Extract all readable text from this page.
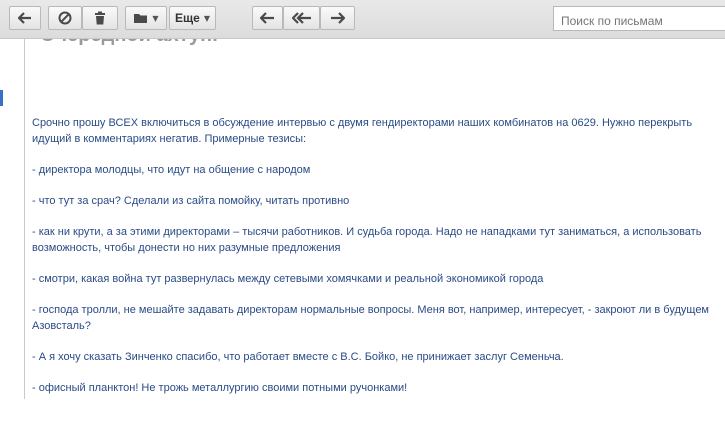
▼ Еще ▼
Поиск по письмам

Срочно прошу ВСЕХ включиться в обсуждение интервью с двумя гендиректорами наших комбинатов на 0629. Нужно перекрыть идущий в комментариях негатив. Примерные тезисы:

- директора молодцы, что идут на общение с народом

- что тут за срач? Сделали из сайта помойку, читать противно

- как ни крути, а за этими директорами – тысячи работников. И судьба города. Надо не нападками тут заниматься, а использовать возможность, чтобы донести но них разумные предложения

- смотри, какая война тут развернулась между сетевыми хомячками и реальной экономикой города

- господа тролли, не мешайте задавать директорам нормальные вопросы. Меня вот, например, интересует, - закроют ли в будущем Азовсталь?

- А я хочу сказать Зинченко спасибо, что работает вместе с В.С. Бойко, не принижает заслуг Семеньча.

- офисный планктон! Не трожь металлургию своими потными ручонками!
